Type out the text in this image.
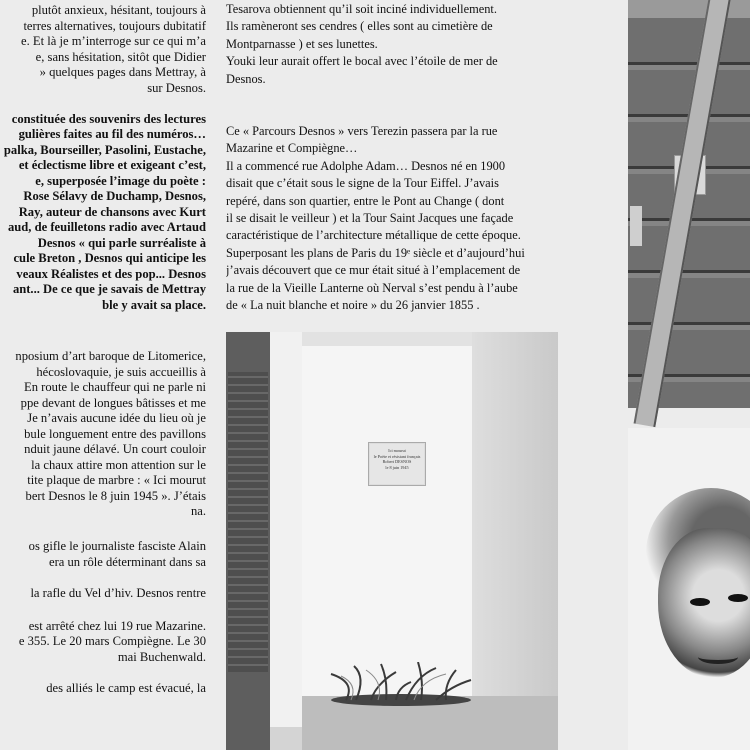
plutôt anxieux, hésitant, toujours à
terres alternatives, toujours dubitatif
e. Et là je m’interroge sur ce qui m’a
e, sans hésitation, sitôt que Didier
» quelques pages dans Mettray, à
sur Desnos.
constituée des souvenirs des lectures
gulières faites au fil des numéros…
palka, Bourseiller, Pasolini, Eustache,
et éclectisme libre et exigeant c’est,
e, superposée l’image du poète :
Rose Sélavy de Duchamp, Desnos,
Ray, auteur de chansons avec Kurt
aud, de feuilletons radio avec Artaud
Desnos « qui parle surréaliste à
cule Breton , Desnos qui anticipe les
veaux Réalistes et des pop... Desnos
ant... De ce que je savais de Mettray
ble y avait sa place.
nposium d’art baroque de Litomerice,
hécoslovaquie, je suis accueillis à
En route le chauffeur qui ne parle ni
ppe devant de longues bâtisses et me
Je n’avais aucune idée du lieu où je
bule longuement entre des pavillons
nduit jaune délavé. Un court couloir
la chaux attire mon attention sur le
tite plaque de marbre : « Ici mourut
bert Desnos le 8 juin 1945 ». J’étais
na.
os gifle le journaliste fasciste Alain
era un rôle déterminant dans sa
la rafle du Vel d’hiv. Desnos rentre
est arrêté chez lui 19 rue Mazarine.
e 355. Le 20 mars Compiègne. Le 30
mai Buchenwald.
des alliés le camp est évacué, la
Tesarova obtiennent qu’il soit inciné individuellement.
Ils ramèneront ses cendres ( elles sont au cimetière de
Montparnasse ) et ses lunettes.
Youki leur aurait offert le bocal avec l’étoile de mer de
Desnos.
Ce « Parcours Desnos » vers Terezin passera par la rue
Mazarine et Compiègne…
Il a commencé rue Adolphe Adam… Desnos né en 1900
disait que c’était sous le signe de la Tour Eiffel. J’avais
repéré, dans son quartier, entre le Pont au Change ( dont
il se disait le veilleur ) et la Tour Saint Jacques une façade
caractéristique de l’architecture métallique de cette époque.
Superposant les plans de Paris du 19ᵉ siècle et d’aujourd’hui
j’avais découvert que ce mur était situé à l’emplacement de
la rue de la Vieille Lanterne où Nerval s’est pendu à l’aube
de « La nuit blanche et noire » du 26 janvier 1855 .
Ici mourut
le Poète et résistant français
Robert DESNOS
le 8 juin 1945
